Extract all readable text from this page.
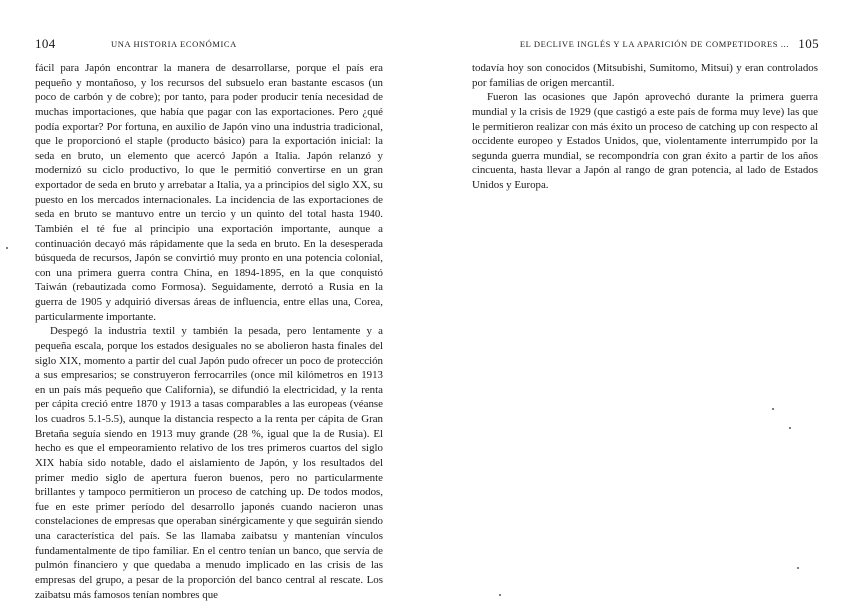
104	UNA HISTORIA ECONÓMICA

fácil para Japón encontrar la manera de desarrollarse, porque el país era pequeño y montañoso, y los recursos del subsuelo eran bastante escasos (un poco de carbón y de cobre); por tanto, para poder producir tenía necesidad de muchas importaciones, que había que pagar con las exportaciones. Pero ¿qué podía exportar? Por fortuna, en auxilio de Japón vino una industria tradicional, que le proporcionó el staple (producto básico) para la exportación inicial: la seda en bruto, un elemento que acercó Japón a Italia. Japón relanzó y modernizó su ciclo productivo, lo que le permitió convertirse en un gran exportador de seda en bruto y arrebatar a Italia, ya a principios del siglo XX, su puesto en los mercados internacionales. La incidencia de las exportaciones de seda en bruto se mantuvo entre un tercio y un quinto del total hasta 1940. También el té fue al principio una exportación importante, aunque a continuación decayó más rápidamente que la seda en bruto. En la desesperada búsqueda de recursos, Japón se convirtió muy pronto en una potencia colonial, con una primera guerra contra China, en 1894-1895, en la que conquistó Taiwán (rebautizada como Formosa). Seguidamente, derrotó a Rusia en la guerra de 1905 y adquirió diversas áreas de influencia, entre ellas una, Corea, particularmente importante.

Despegó la industria textil y también la pesada, pero lentamente y a pequeña escala, porque los estados desiguales no se abolieron hasta finales del siglo XIX, momento a partir del cual Japón pudo ofrecer un poco de protección a sus empresarios; se construyeron ferrocarriles (once mil kilómetros en 1913 en un país más pequeño que California), se difundió la electricidad, y la renta per cápita creció entre 1870 y 1913 a tasas comparables a las europeas (véanse los cuadros 5.1-5.5), aunque la distancia respecto a la renta per cápita de Gran Bretaña seguía siendo en 1913 muy grande (28 %, igual que la de Rusia). El hecho es que el empeoramiento relativo de los tres primeros cuartos del siglo XIX había sido notable, dado el aislamiento de Japón, y los resultados del primer medio siglo de apertura fueron buenos, pero no particularmente brillantes y tampoco permitieron un proceso de catching up. De todos modos, fue en este primer período del desarrollo japonés cuando nacieron unas constelaciones de empresas que operaban sinérgicamente y que seguirán siendo una característica del país. Se las llamaba zaibatsu y mantenían vínculos fundamentalmente de tipo familiar. En el centro tenían un banco, que servía de pulmón financiero y que quedaba a menudo implicado en las crisis de las empresas del grupo, a pesar de la proporción del banco central al rescate. Los zaibatsu más famosos tenían nombres que

EL DECLIVE INGLÉS Y LA APARICIÓN DE COMPETIDORES ... 105

todavía hoy son conocidos (Mitsubishi, Sumitomo, Mitsui) y eran controlados por familias de origen mercantil.

Fueron las ocasiones que Japón aprovechó durante la primera guerra mundial y la crisis de 1929 (que castigó a este país de forma muy leve) las que le permitieron realizar con más éxito un proceso de catching up con respecto al occidente europeo y Estados Unidos, que, violentamente interrumpido por la segunda guerra mundial, se recompondría con gran éxito a partir de los años cincuenta, hasta llevar a Japón al rango de gran potencia, al lado de Estados Unidos y Europa.
